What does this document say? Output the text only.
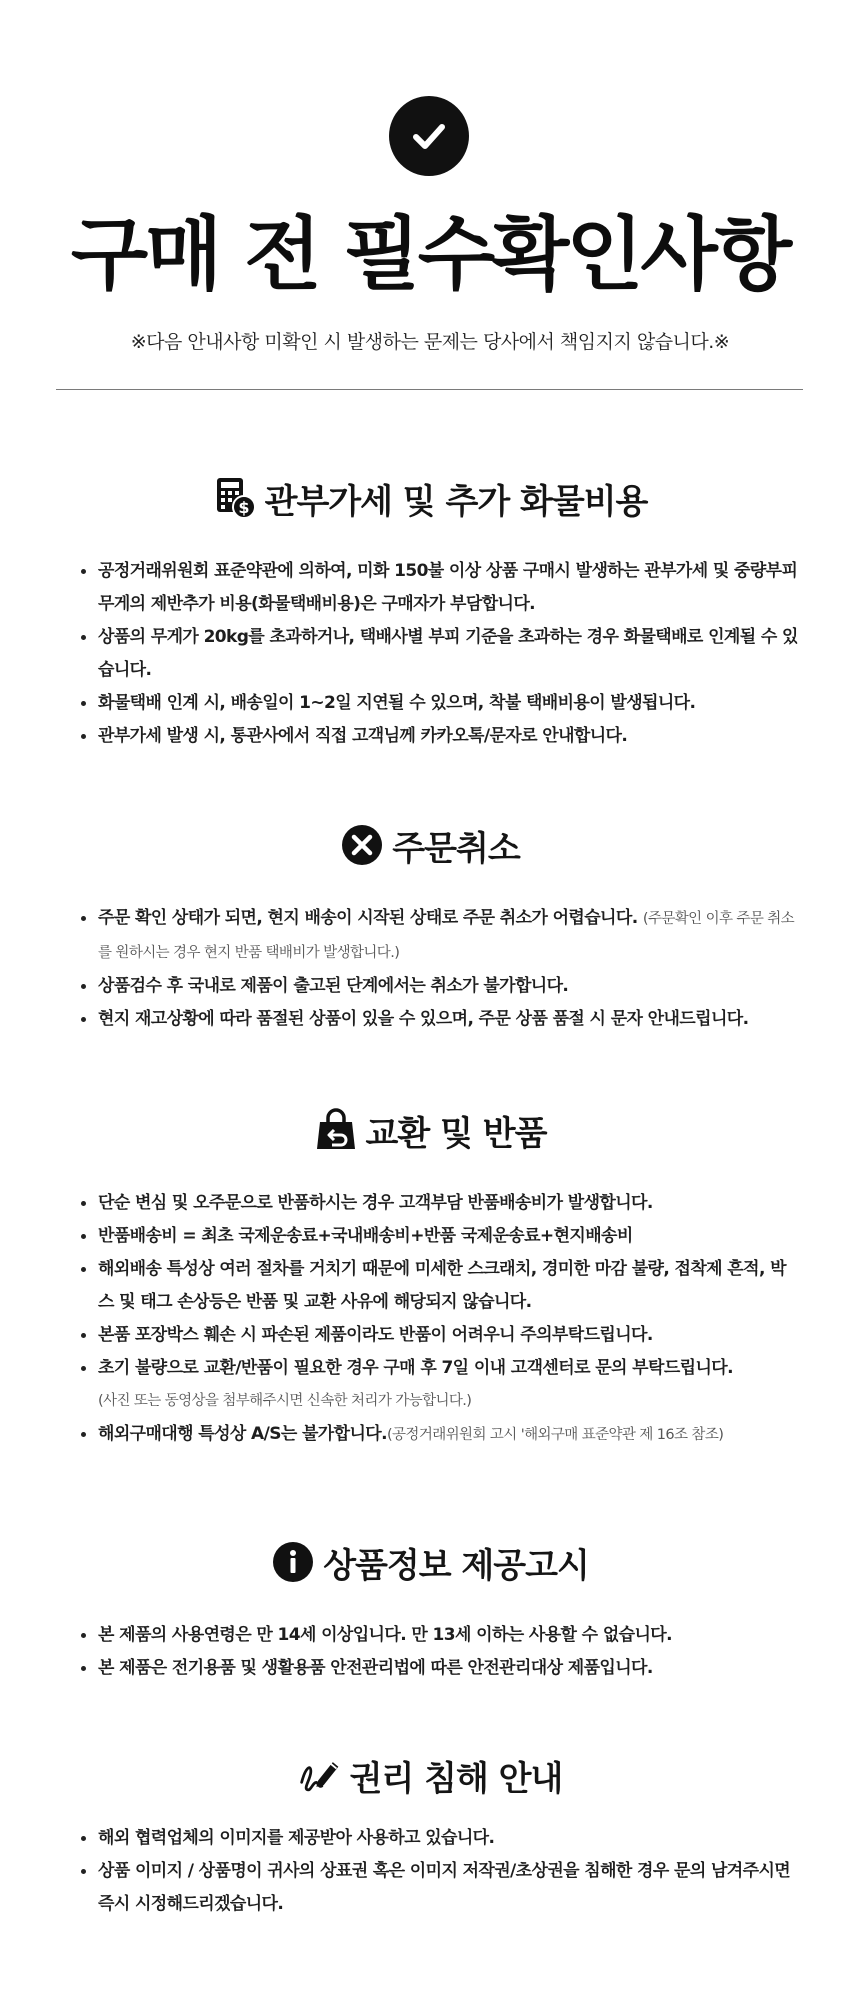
구매 전 필수확인사항
※다음 안내사항 미확인 시 발생하는 문제는 당사에서 책임지지 않습니다.※
$ 관부가세 및 추가 화물비용
공정거래위원회 표준약관에 의하여, 미화 150불 이상 상품 구매시 발생하는 관부가세 및 중량부피 무게의 제반추가 비용(화물택배비용)은 구매자가 부담합니다.
상품의 무게가 20kg를 초과하거나, 택배사별 부피 기준을 초과하는 경우 화물택배로 인계될 수 있습니다.
화물택배 인계 시, 배송일이 1~2일 지연될 수 있으며, 착불 택배비용이 발생됩니다.
관부가세 발생 시, 통관사에서 직접 고객님께 카카오톡/문자로 안내합니다.
주문취소
주문 확인 상태가 되면, 현지 배송이 시작된 상태로 주문 취소가 어렵습니다. (주문확인 이후 주문 취소를 원하시는 경우 현지 반품 택배비가 발생합니다.)
상품검수 후 국내로 제품이 출고된 단계에서는 취소가 불가합니다.
현지 재고상황에 따라 품절된 상품이 있을 수 있으며, 주문 상품 품절 시 문자 안내드립니다.
교환 및 반품
단순 변심 및 오주문으로 반품하시는 경우 고객부담 반품배송비가 발생합니다.
반품배송비 = 최초 국제운송료+국내배송비+반품 국제운송료+현지배송비
해외배송 특성상 여러 절차를 거치기 때문에 미세한 스크래치, 경미한 마감 불량, 접착제 흔적, 박스 및 태그 손상등은 반품 및 교환 사유에 해당되지 않습니다.
본품 포장박스 훼손 시 파손된 제품이라도 반품이 어려우니 주의부탁드립니다.
초기 불량으로 교환/반품이 필요한 경우 구매 후 7일 이내 고객센터로 문의 부탁드립니다.
(사진 또는 동영상을 첨부해주시면 신속한 처리가 가능합니다.)
해외구매대행 특성상 A/S는 불가합니다.(공정거래위원회 고시 '해외구매 표준약관 제 16조 참조)
상품정보 제공고시
본 제품의 사용연령은 만 14세 이상입니다. 만 13세 이하는 사용할 수 없습니다.
본 제품은 전기용품 및 생활용품 안전관리법에 따른 안전관리대상 제품입니다.
권리 침해 안내
해외 협력업체의 이미지를 제공받아 사용하고 있습니다.
상품 이미지 / 상품명이 귀사의 상표권 혹은 이미지 저작권/초상권을 침해한 경우 문의 남겨주시면 즉시 시정해드리겠습니다.
